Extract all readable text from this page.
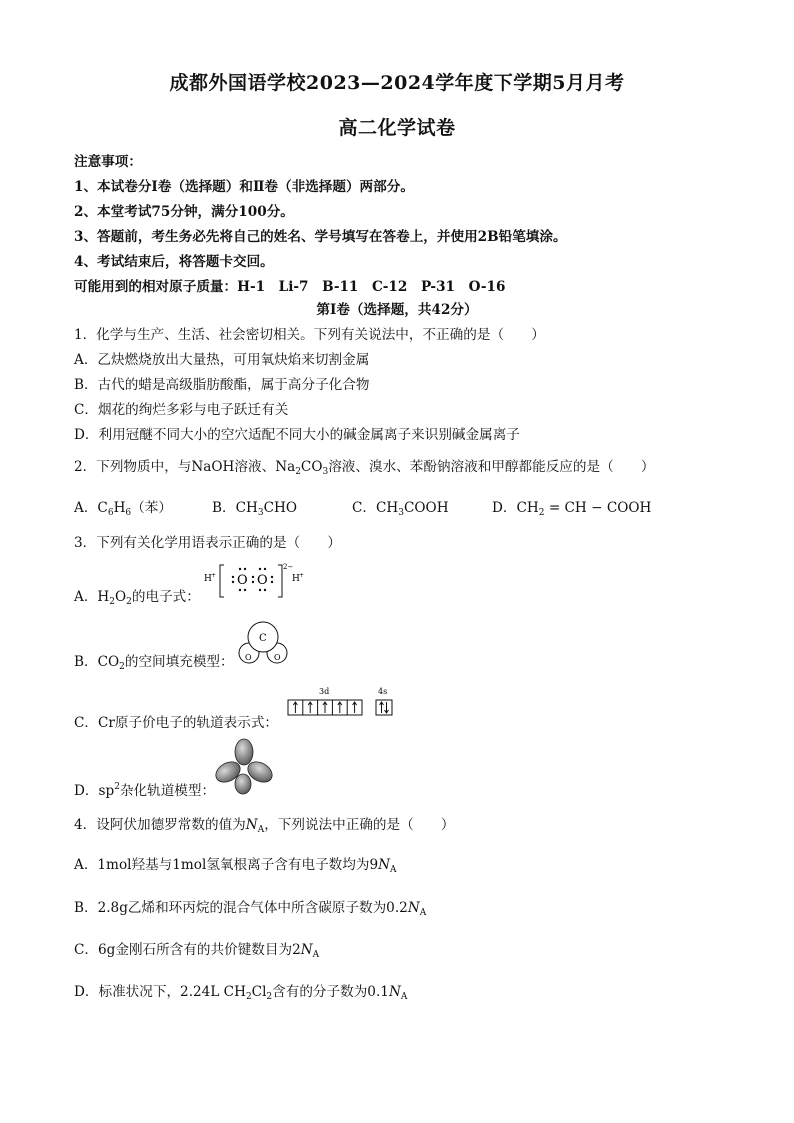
成都外国语学校2023—2024学年度下学期5月月考
高二化学试卷
注意事项：
1、本试卷分Ⅰ卷（选择题）和Ⅱ卷（非选择题）两部分。
2、本堂考试75分钟，满分100分。
3、答题前，考生务必先将自己的姓名、学号填写在答卷上，并使用2B铅笔填涂。
4、考试结束后，将答题卡交回。
可能用到的相对原子质量：H-1　Li-7　B-11　C-12　P-31　O-16
第Ⅰ卷（选择题，共42分）
1．化学与生产、生活、社会密切相关。下列有关说法中，不正确的是（　　）
A．乙炔燃烧放出大量热，可用氧炔焰来切割金属
B．古代的蜡是高级脂肪酸酯，属于高分子化合物
C．烟花的绚烂多彩与电子跃迁有关
D．利用冠醚不同大小的空穴适配不同大小的碱金属离子来识别碱金属离子
2．下列物质中，与NaOH溶液、$Na_2CO_3$溶液、溴水、苯酚钠溶液和甲醇都能反应的是（　　）
A．$C_6H_6$（苯）	B．$CH_3CHO$	C．$CH_3COOH$	D．$CH_2$ = CH − COOH
3．下列有关化学用语表示正确的是（　　）
A．$H_2O_2$的电子式：
H + O O
2−
H +
B．$CO_2$的空间填充模型：
C
O	O
C．Cr原子价电子的轨道表示式：
3d	4s
D．$sp^2$杂化轨道模型：
4．设阿伏加德罗常数的值为$N_A$，下列说法中正确的是（　　）
A．1mol羟基与1mol氢氧根离子含有电子数均为$9N_A$
B．2.8g乙烯和环丙烷的混合气体中所含碳原子数为$0.2N_A$
C．6g金刚石所含有的共价键数目为$2N_A$
D．标准状况下，2.24L $CH_2Cl_2$含有的分子数为$0.1N_A$
